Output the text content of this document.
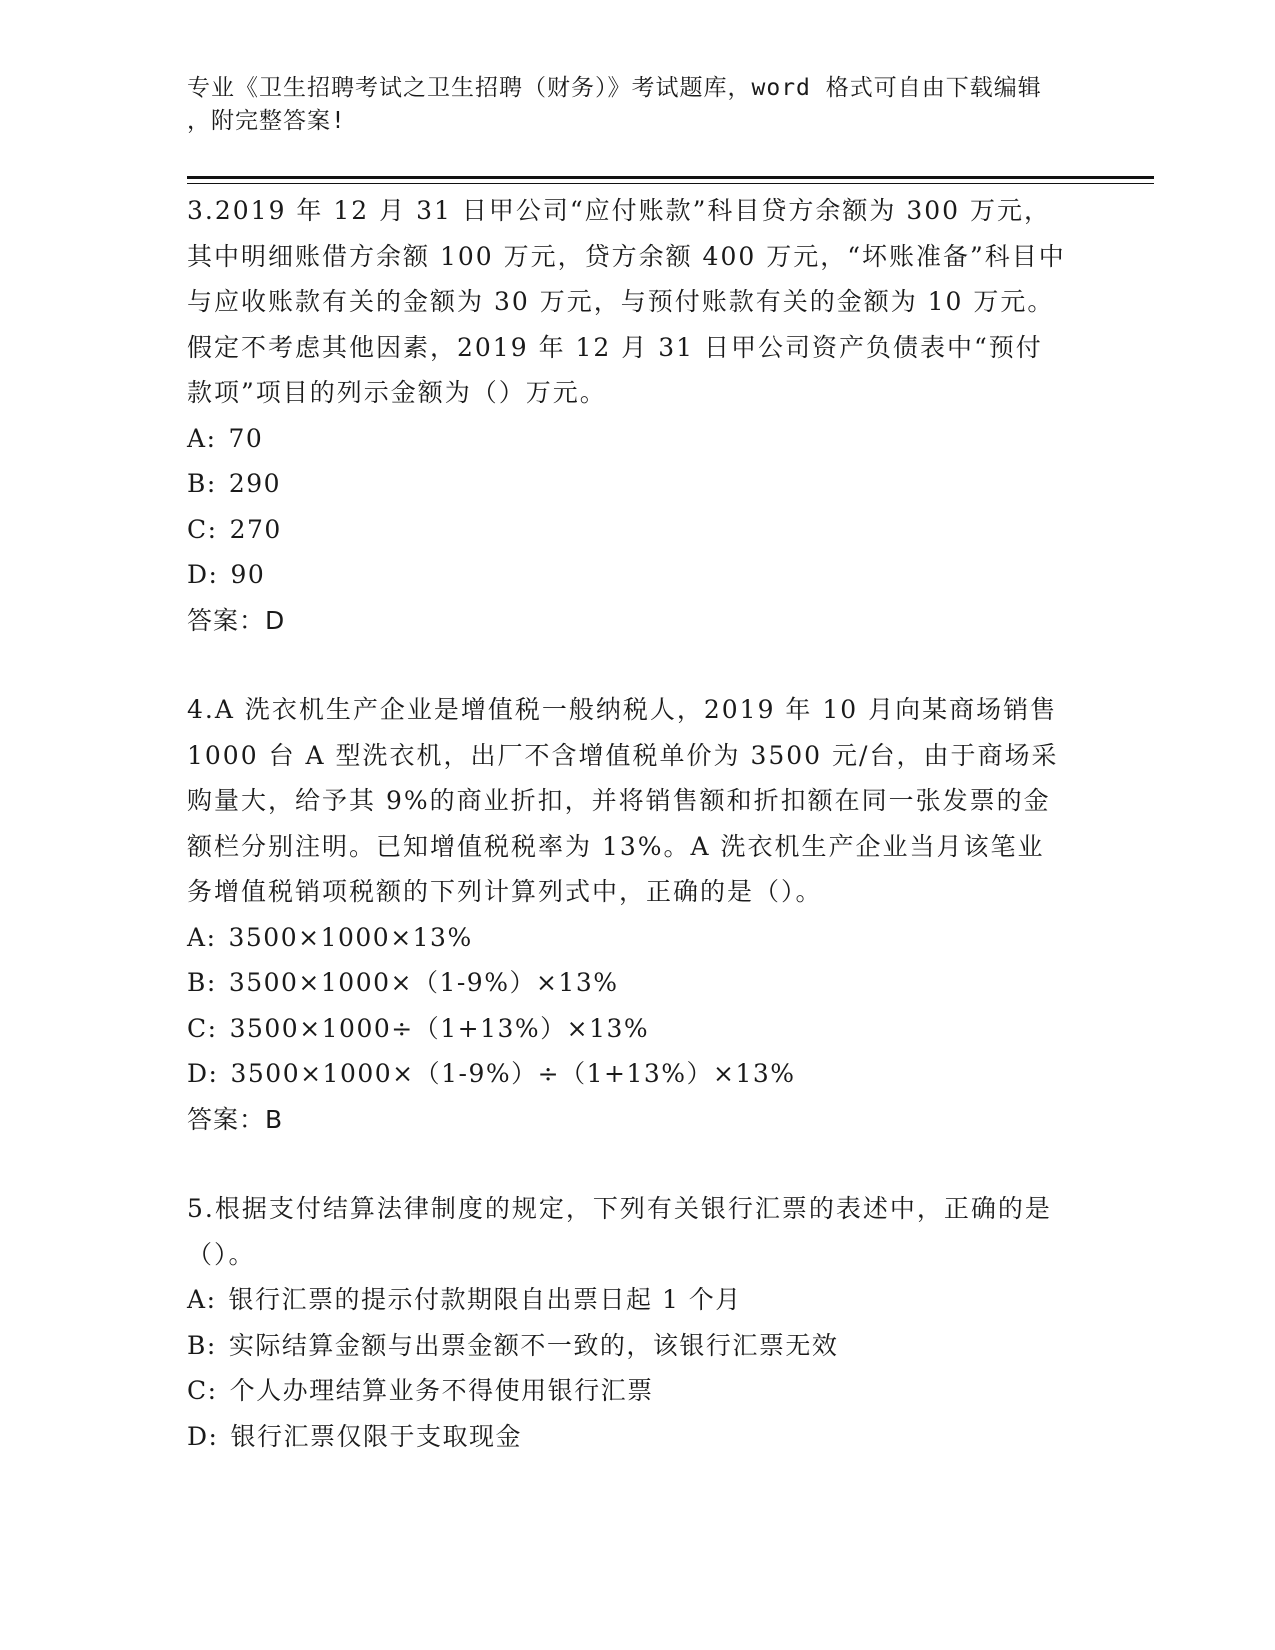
专业《卫生招聘考试之卫生招聘（财务）》考试题库，word 格式可自由下载编辑
，附完整答案!

3.2019 年 12 月 31 日甲公司“应付账款”科目贷方余额为 300 万元，其中明细账借方余额 100 万元，贷方余额 400 万元，“坏账准备”科目中与应收账款有关的金额为 30 万元，与预付账款有关的金额为 10 万元。假定不考虑其他因素，2019 年 12 月 31 日甲公司资产负债表中“预付款项”项目的列示金额为（）万元。

A: 70

B: 290

C: 270

D: 90

答案：D

4.A 洗衣机生产企业是增值税一般纳税人，2019 年 10 月向某商场销售 1000 台 A 型洗衣机，出厂不含增值税单价为 3500 元/台，由于商场采购量大，给予其 9%的商业折扣，并将销售额和折扣额在同一张发票的金额栏分别注明。已知增值税税率为 13%。A 洗衣机生产企业当月该笔业务增值税销项税额的下列计算列式中，正确的是（）。

A: 3500×1000×13%

B: 3500×1000×（1-9%）×13%

C: 3500×1000÷（1+13%）×13%

D: 3500×1000×（1-9%）÷（1+13%）×13%

答案：B

5.根据支付结算法律制度的规定，下列有关银行汇票的表述中，正确的是（）。

A: 银行汇票的提示付款期限自出票日起 1 个月

B: 实际结算金额与出票金额不一致的，该银行汇票无效

C: 个人办理结算业务不得使用银行汇票

D: 银行汇票仅限于支取现金
